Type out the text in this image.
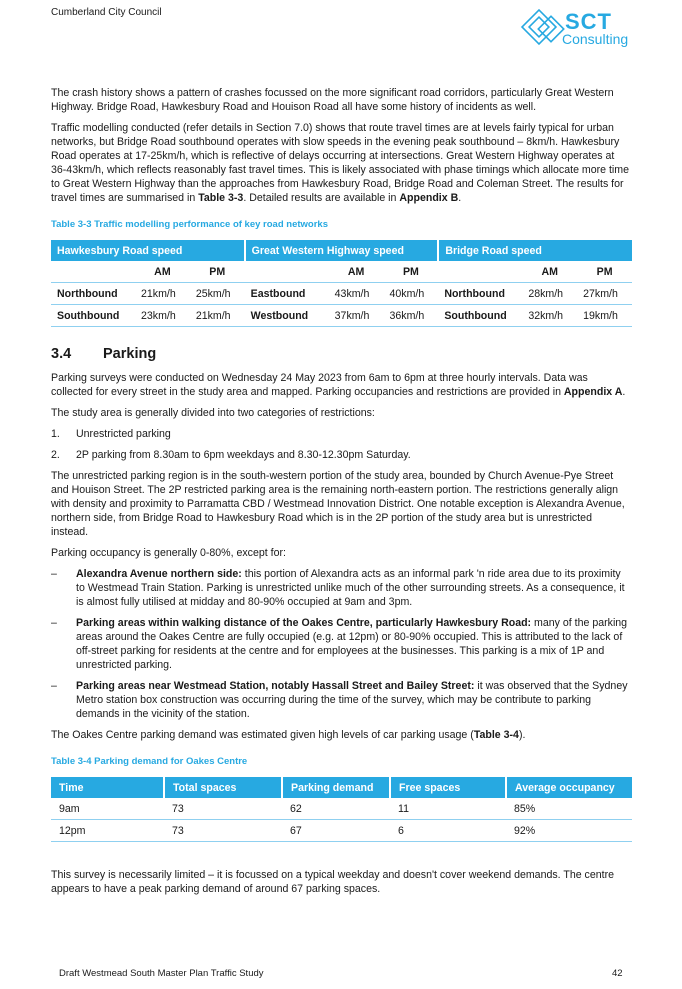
Cumberland City Council	SCT
Consulting

The crash history shows a pattern of crashes focussed on the more significant road corridors, particularly Great Western Highway. Bridge Road, Hawkesbury Road and Houison Road all have some history of incidents as well.

Traffic modelling conducted (refer details in Section 7.0) shows that route travel times are at levels fairly typical for urban networks, but Bridge Road southbound operates with slow speeds in the evening peak southbound – 8km/h. Hawkesbury Road operates at 17-25km/h, which is reflective of delays occurring at intersections. Great Western Highway operates at 36-43km/h, which reflects reasonably fast travel times. This is likely associated with phase timings which allocate more time to Great Western Highway than the approaches from Hawkesbury Road, Bridge Road and Coleman Street. The results for travel times are summarised in Table 3-3. Detailed results are available in Appendix B.

Table 3-3 Traffic modelling performance of key road networks
Hawkesbury Road speed			Great Western Highway speed			Bridge Road speed		
	AM	PM		AM	PM		AM	PM
Northbound	21km/h	25km/h	Eastbound	43km/h	40km/h	Northbound	28km/h	27km/h
Southbound	23km/h	21km/h	Westbound	37km/h	36km/h	Southbound	32km/h	19km/h
3.4 Parking

Parking surveys were conducted on Wednesday 24 May 2023 from 6am to 6pm at three hourly intervals. Data was collected for every street in the study area and mapped. Parking occupancies and restrictions are provided in Appendix A.

The study area is generally divided into two categories of restrictions:

1. Unrestricted parking
2. 2P parking from 8.30am to 6pm weekdays and 8.30-12.30pm Saturday.

The unrestricted parking region is in the south-western portion of the study area, bounded by Church Avenue-Pye Street and Houison Street. The 2P restricted parking area is the remaining north-eastern portion. The restrictions generally align with density and proximity to Parramatta CBD / Westmead Innovation District. One notable exception is Alexandra Avenue, northern side, from Bridge Road to Hawkesbury Road which is in the 2P portion of the study area but is unrestricted instead.

Parking occupancy is generally 0-80%, except for:

– Alexandra Avenue northern side: this portion of Alexandra acts as an informal park 'n ride area due to its proximity to Westmead Train Station. Parking is unrestricted unlike much of the other surrounding streets. As a consequence, it is almost fully utilised at midday and 80-90% occupied at 9am and 3pm.
– Parking areas within walking distance of the Oakes Centre, particularly Hawkesbury Road: many of the parking areas around the Oakes Centre are fully occupied (e.g. at 12pm) or 80-90% occupied. This is attributed to the lack of off-street parking for residents at the centre and for employees at the businesses. This parking is a mix of 1P and unrestricted parking.
– Parking areas near Westmead Station, notably Hassall Street and Bailey Street: it was observed that the Sydney Metro station box construction was occurring during the time of the survey, which may be contribute to parking demands in the vicinity of the station.

The Oakes Centre parking demand was estimated given high levels of car parking usage (Table 3-4).

Table 3-4 Parking demand for Oakes Centre
Time	Total spaces	Parking demand	Free spaces	Average occupancy
9am	73	62	11	85%
12pm	73	67	6	92%

This survey is necessarily limited – it is focussed on a typical weekday and doesn't cover weekend demands. The centre appears to have a peak parking demand of around 67 parking spaces.

Draft Westmead South Master Plan Traffic Study	42
